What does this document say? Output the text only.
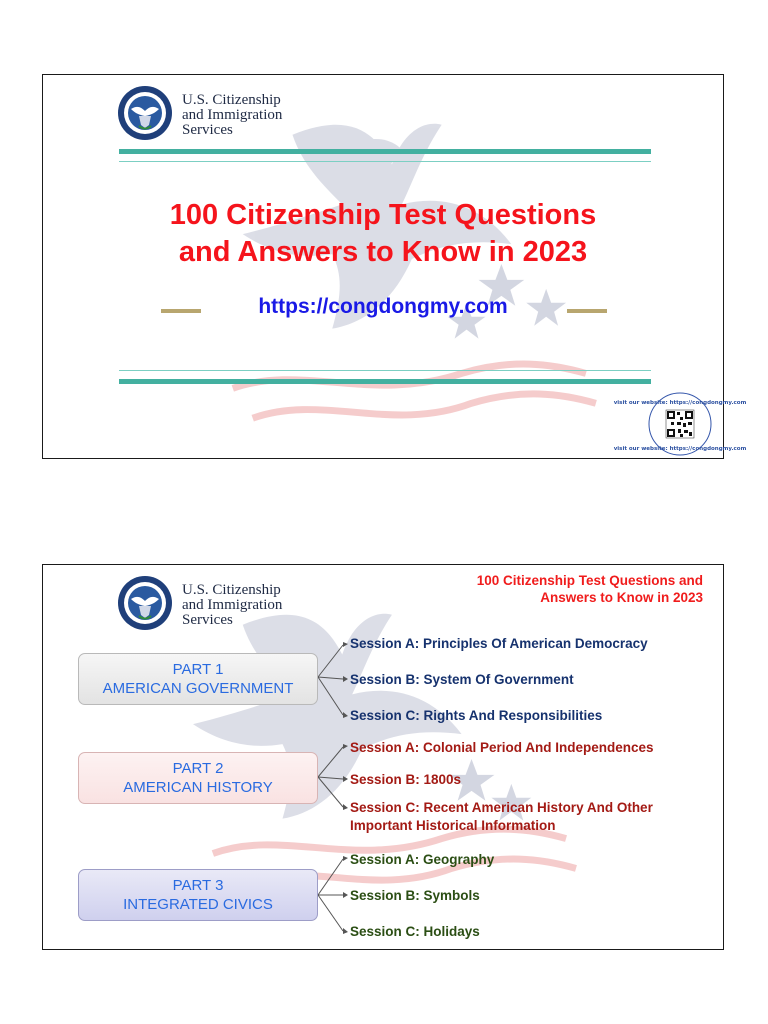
U.S. Citizenship
and Immigration
Services
100 Citizenship Test Questions
and Answers to Know in 2023
https://congdongmy.com
visit our website: https://congdongmy.com
visit our website: https://congdongmy.com
U.S. Citizenship
and Immigration
Services
100 Citizenship Test Questions and
Answers to Know in 2023
PART 1
AMERICAN GOVERNMENT
Session A: Principles Of American Democracy
Session B: System Of Government
Session C: Rights And Responsibilities
PART 2
AMERICAN HISTORY
Session A: Colonial Period And Independences
Session B: 1800s
Session C: Recent American History And Other
Important Historical Information
PART 3
INTEGRATED CIVICS
Session A: Geography
Session B: Symbols
Session C: Holidays
